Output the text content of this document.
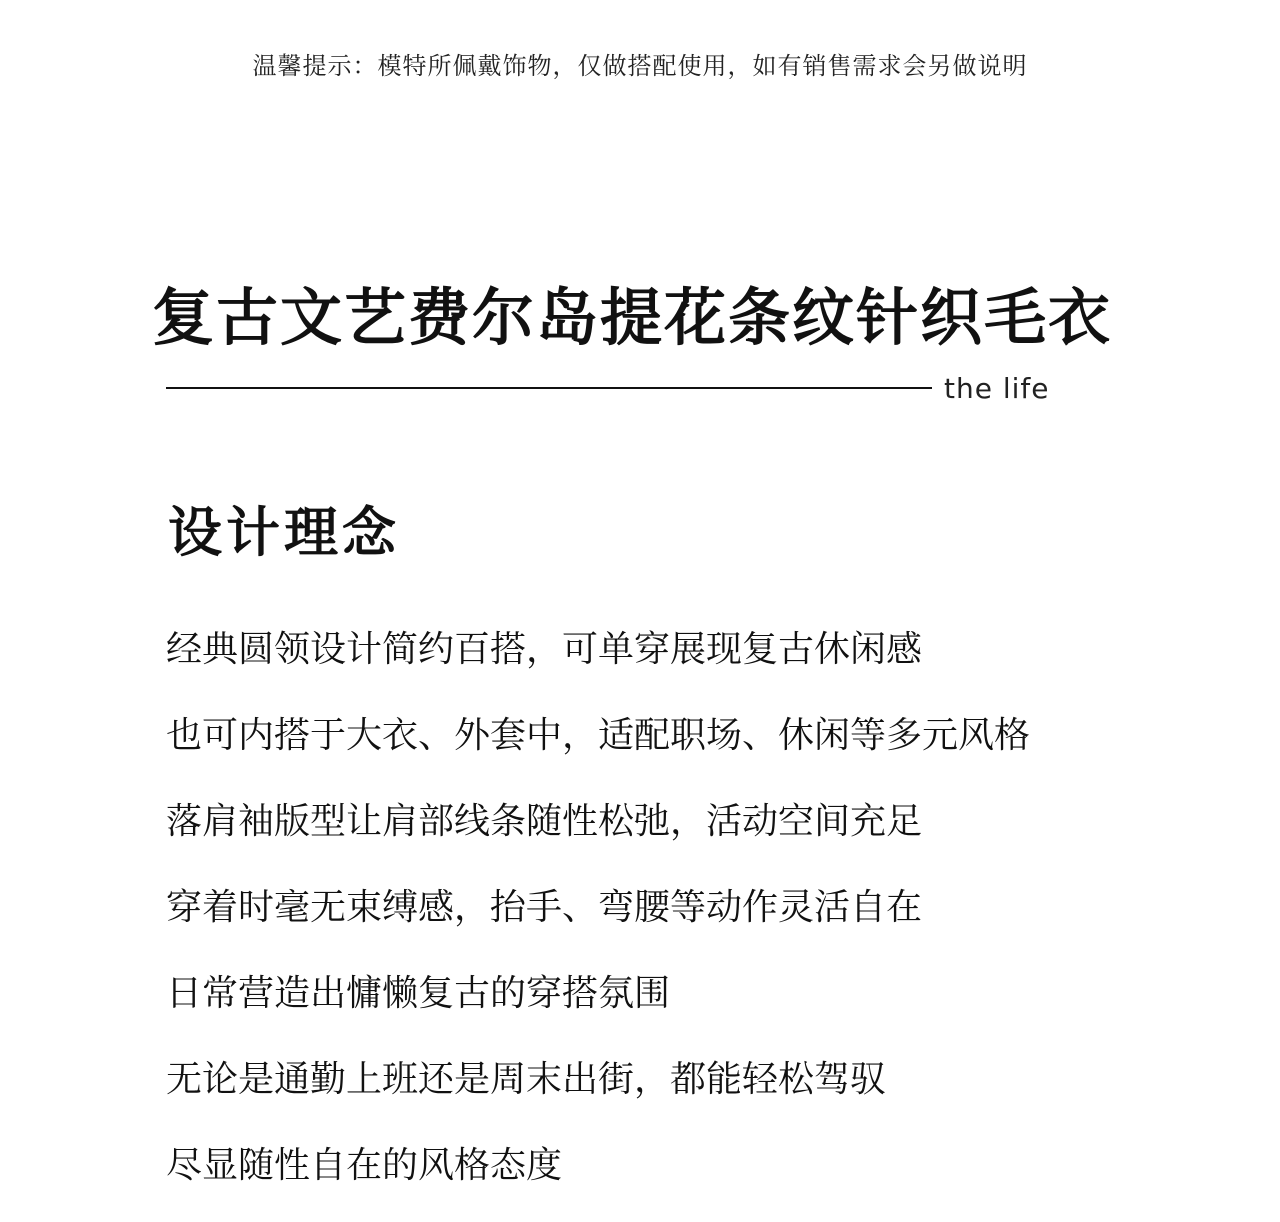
温馨提示：模特所佩戴饰物，仅做搭配使用，如有销售需求会另做说明
复古文艺费尔岛提花条纹针织毛衣
the life
设计理念
经典圆领设计简约百搭，可单穿展现复古休闲感
也可内搭于大衣、外套中，适配职场、休闲等多元风格
落肩袖版型让肩部线条随性松弛，活动空间充足
穿着时毫无束缚感，抬手、弯腰等动作灵活自在
日常营造出慵懒复古的穿搭氛围
无论是通勤上班还是周末出街，都能轻松驾驭
尽显随性自在的风格态度
